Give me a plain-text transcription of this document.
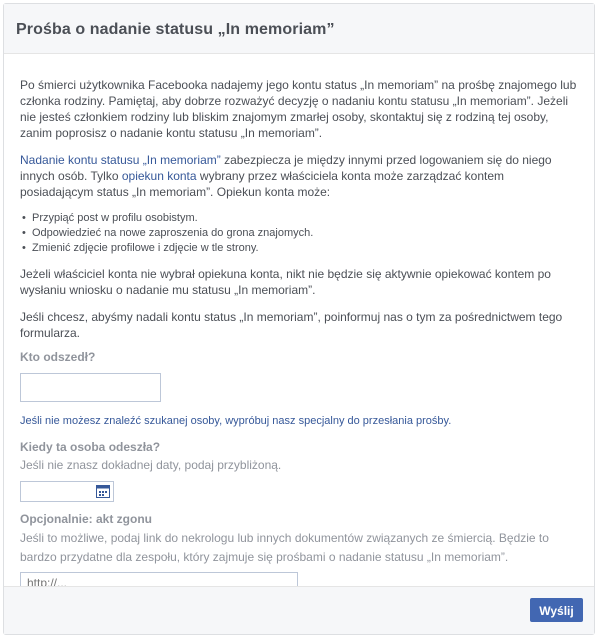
Prośba o nadanie statusu „In memoriam”

Po śmierci użytkownika Facebooka nadajemy jego kontu status „In memoriam” na prośbę znajomego lub członka rodziny. Pamiętaj, aby dobrze rozważyć decyzję o nadaniu kontu statusu „In memoriam”. Jeżeli nie jesteś członkiem rodziny lub bliskim znajomym zmarłej osoby, skontaktuj się z rodziną tej osoby, zanim poprosisz o nadanie kontu statusu „In memoriam”.

Nadanie kontu statusu „In memoriam” zabezpiecza je między innymi przed logowaniem się do niego innych osób. Tylko opiekun konta wybrany przez właściciela konta może zarządzać kontem posiadającym status „In memoriam”. Opiekun konta może:

• Przypiąć post w profilu osobistym.
• Odpowiedzieć na nowe zaproszenia do grona znajomych.
• Zmienić zdjęcie profilowe i zdjęcie w tle strony.

Jeżeli właściciel konta nie wybrał opiekuna konta, nikt nie będzie się aktywnie opiekować kontem po wysłaniu wniosku o nadanie mu statusu „In memoriam”.

Jeśli chcesz, abyśmy nadali kontu status „In memoriam”, poinformuj nas o tym za pośrednictwem tego formularza.

Kto odszedł?
Jeśli nie możesz znaleźć szukanej osoby, wypróbuj nasz specjalny do przesłania prośby.
Kiedy ta osoba odeszła?
Jeśli nie znasz dokładnej daty, podaj przybliżoną.
Opcjonalnie: akt zgonu
Jeśli to możliwe, podaj link do nekrologu lub innych dokumentów związanych ze śmiercią. Będzie to bardzo przydatne dla zespołu, który zajmuje się prośbami o nadanie statusu „In memoriam”.
http://...
Wyślij
